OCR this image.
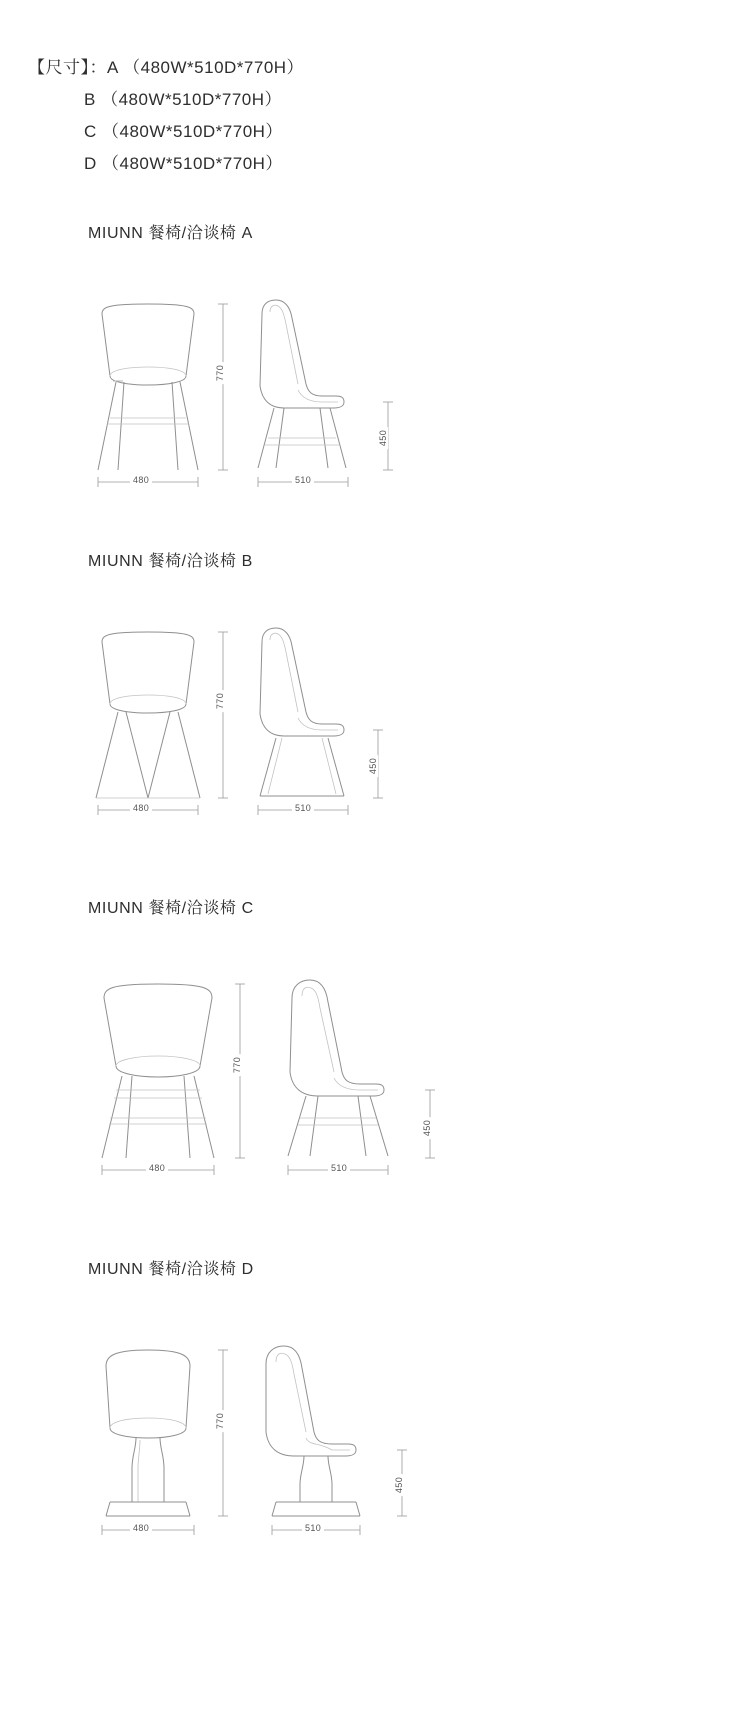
【尺寸】：A （480W*510D*770H）
B （480W*510D*770H）
C （480W*510D*770H）
D （480W*510D*770H）
MIUNN 餐椅/洽谈椅 A
770
480
450
510
MIUNN 餐椅/洽谈椅 B
770
480
450
510
MIUNN 餐椅/洽谈椅 C
770
480
450
510
MIUNN 餐椅/洽谈椅 D
770
480
450
510
